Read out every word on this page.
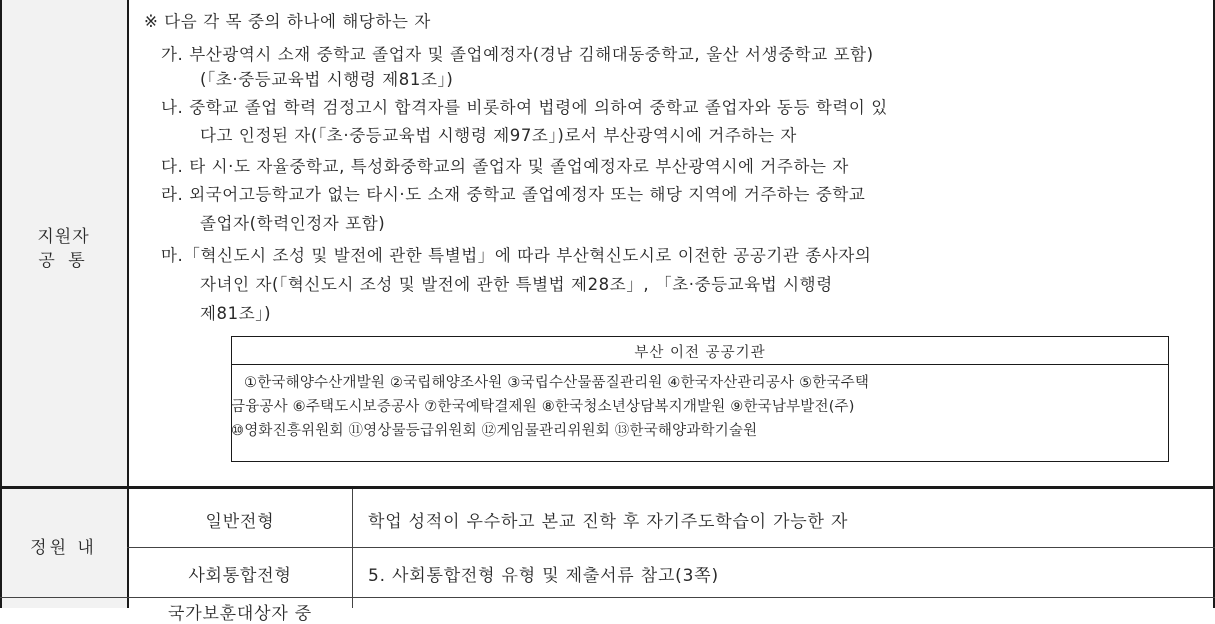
지원자
공 통
정원 내
※ 다음 각 목 중의 하나에 해당하는 자
가. 부산광역시 소재 중학교 졸업자 및 졸업예정자(경남 김해대동중학교, 울산 서생중학교 포함)
(「초·중등교육법 시행령 제81조」)
나. 중학교 졸업 학력 검정고시 합격자를 비롯하여 법령에 의하여 중학교 졸업자와 동등 학력이 있
다고 인정된 자(「초·중등교육법 시행령 제97조」)로서 부산광역시에 거주하는 자
다. 타 시·도 자율중학교, 특성화중학교의 졸업자 및 졸업예정자로 부산광역시에 거주하는 자
라. 외국어고등학교가 없는 타시·도 소재 중학교 졸업예정자 또는 해당 지역에 거주하는 중학교
졸업자(학력인정자 포함)
마.「혁신도시 조성 및 발전에 관한 특별법」에 따라 부산혁신도시로 이전한 공공기관 종사자의
자녀인 자(「혁신도시 조성 및 발전에 관한 특별법 제28조」, 「초·중등교육법 시행령
제81조」)
부산 이전 공공기관
①한국해양수산개발원 ②국립해양조사원 ③국립수산물품질관리원 ④한국자산관리공사 ⑤한국주택
금융공사 ⑥주택도시보증공사 ⑦한국예탁결제원 ⑧한국청소년상담복지개발원 ⑨한국남부발전(주)
⑩영화진흥위원회 ⑪영상물등급위원회 ⑫게임물관리위원회 ⑬한국해양과학기술원
일반전형	학업 성적이 우수하고 본교 진학 후 자기주도학습이 가능한 자
사회통합전형	5. 사회통합전형 유형 및 제출서류 참고(3쪽)
국가보훈대상자 중
